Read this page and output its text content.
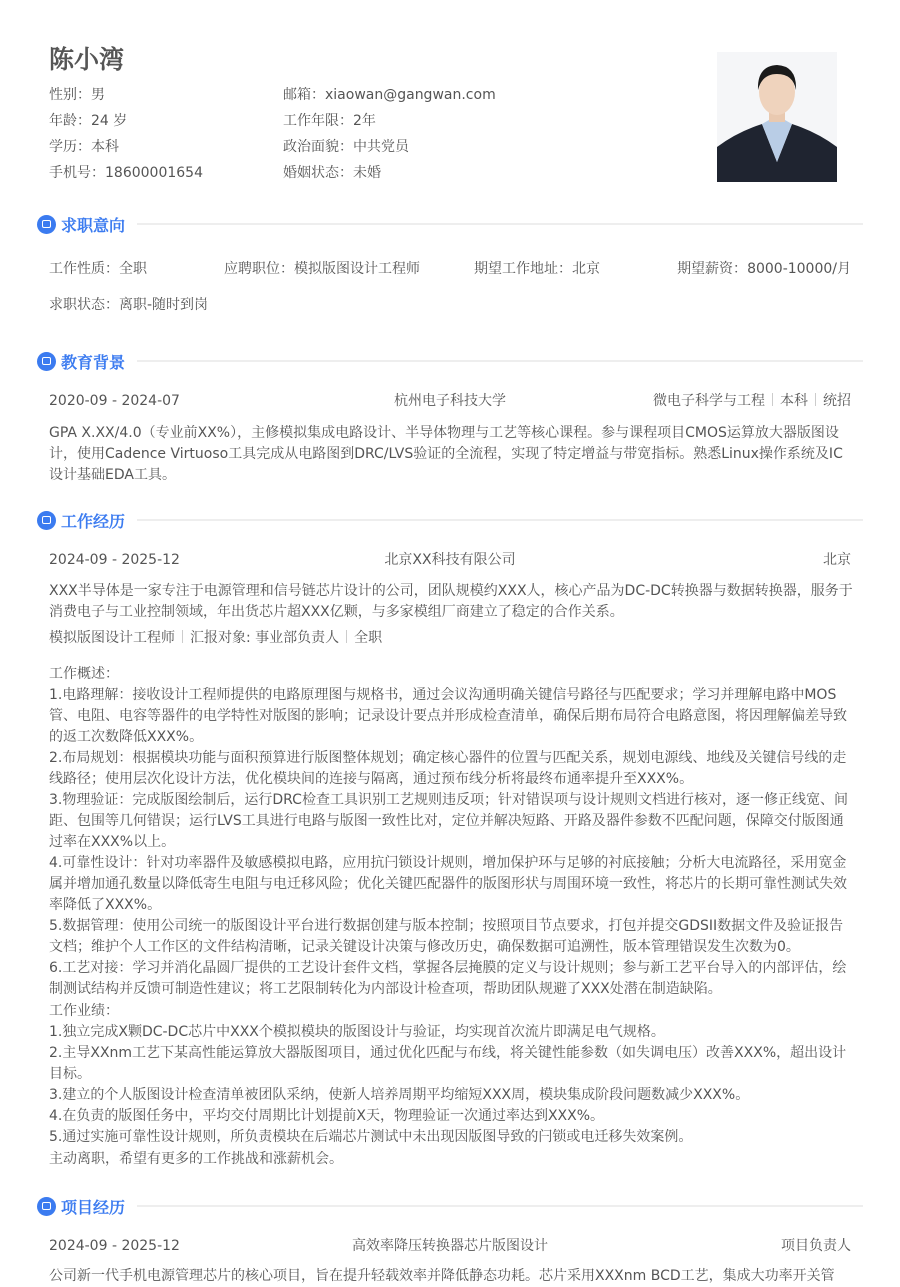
陈小湾
性别：男	邮箱：xiaowan@gangwan.com
年龄：24 岁	工作年限：2年
学历：本科	政治面貌：中共党员
手机号：18600001654	婚姻状态：未婚
求职意向
工作性质：全职	应聘职位：模拟版图设计工程师	期望工作地址：北京	期望薪资：8000-10000/月
求职状态：离职-随时到岗
教育背景
2020-09 - 2024-07	杭州电子科技大学	微电子科学与工程 本科 统招
GPA X.XX/4.0（专业前XX%），主修模拟集成电路设计、半导体物理与工艺等核心课程。参与课程项目CMOS运算放大器版图设计，使用Cadence Virtuoso工具完成从电路图到DRC/LVS验证的全流程，实现了特定增益与带宽指标。熟悉Linux操作系统及IC设计基础EDA工具。
工作经历
2024-09 - 2025-12	北京XX科技有限公司	北京
XXX半导体是一家专注于电源管理和信号链芯片设计的公司，团队规模约XXX人，核心产品为DC-DC转换器与数据转换器，服务于消费电子与工业控制领域，年出货芯片超XXX亿颗，与多家模组厂商建立了稳定的合作关系。
模拟版图设计工程师 汇报对象: 事业部负责人 全职
工作概述：
1.电路理解：接收设计工程师提供的电路原理图与规格书，通过会议沟通明确关键信号路径与匹配要求；学习并理解电路中MOS管、电阻、电容等器件的电学特性对版图的影响；记录设计要点并形成检查清单，确保后期布局符合电路意图，将因理解偏差导致的返工次数降低XXX%。
2.布局规划：根据模块功能与面积预算进行版图整体规划；确定核心器件的位置与匹配关系，规划电源线、地线及关键信号线的走线路径；使用层次化设计方法，优化模块间的连接与隔离，通过预布线分析将最终布通率提升至XXX%。
3.物理验证：完成版图绘制后，运行DRC检查工具识别工艺规则违反项；针对错误项与设计规则文档进行核对，逐一修正线宽、间距、包围等几何错误；运行LVS工具进行电路与版图一致性比对，定位并解决短路、开路及器件参数不匹配问题，保障交付版图通过率在XXX%以上。
4.可靠性设计：针对功率器件及敏感模拟电路，应用抗闩锁设计规则，增加保护环与足够的衬底接触；分析大电流路径，采用宽金属并增加通孔数量以降低寄生电阻与电迁移风险；优化关键匹配器件的版图形状与周围环境一致性，将芯片的长期可靠性测试失效率降低了XXX%。
5.数据管理：使用公司统一的版图设计平台进行数据创建与版本控制；按照项目节点要求，打包并提交GDSII数据文件及验证报告文档；维护个人工作区的文件结构清晰，记录关键设计决策与修改历史，确保数据可追溯性，版本管理错误发生次数为0。
6.工艺对接：学习并消化晶圆厂提供的工艺设计套件文档，掌握各层掩膜的定义与设计规则；参与新工艺平台导入的内部评估，绘制测试结构并反馈可制造性建议；将工艺限制转化为内部设计检查项，帮助团队规避了XXX处潜在制造缺陷。
工作业绩：
1.独立完成X颗DC-DC芯片中XXX个模拟模块的版图设计与验证，均实现首次流片即满足电气规格。
2.主导XXnm工艺下某高性能运算放大器版图项目，通过优化匹配与布线，将关键性能参数（如失调电压）改善XXX%，超出设计目标。
3.建立的个人版图设计检查清单被团队采纳，使新人培养周期平均缩短XXX周，模块集成阶段问题数减少XXX%。
4.在负责的版图任务中，平均交付周期比计划提前X天，物理验证一次通过率达到XXX%。
5.通过实施可靠性设计规则，所负责模块在后端芯片测试中未出现因版图导致的闩锁或电迁移失效案例。
主动离职，希望有更多的工作挑战和涨薪机会。
项目经历
2024-09 - 2025-12	高效率降压转换器芯片版图设计	项目负责人
公司新一代手机电源管理芯片的核心项目，旨在提升轻载效率并降低静态功耗。芯片采用XXXnm BCD工艺，集成大功率开关管
